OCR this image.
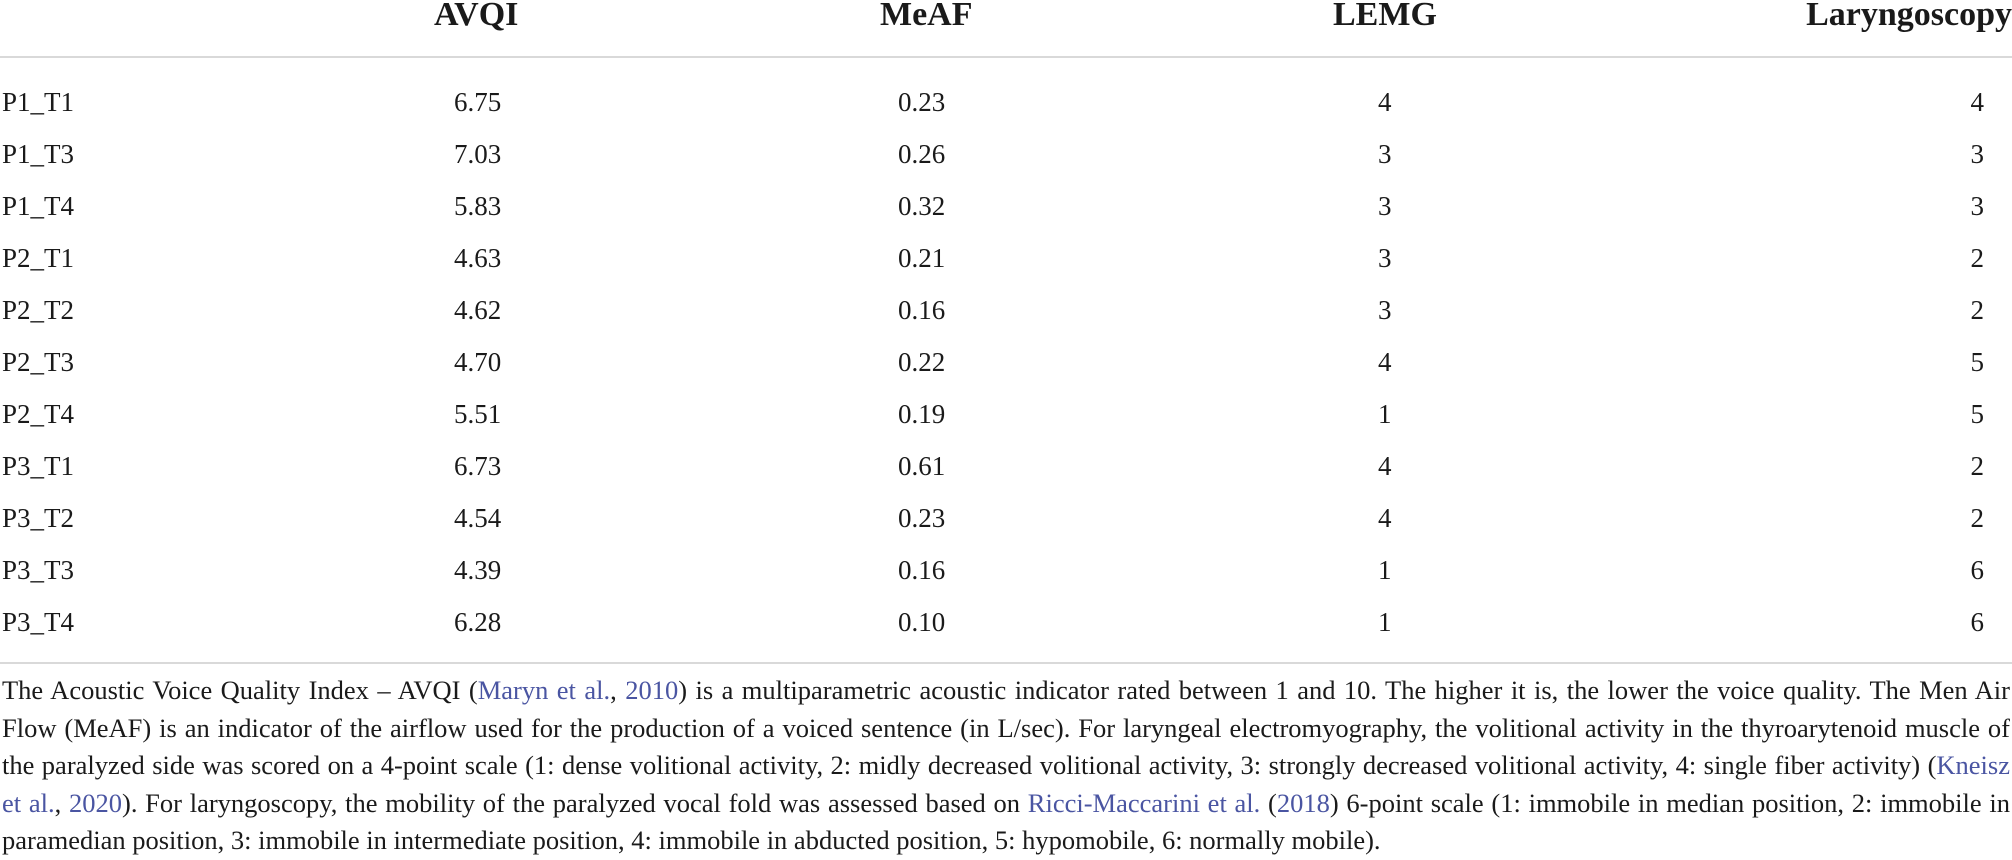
	AVQI	MeAF	LEMG	Laryngoscopy
P1_T1	6.75	0.23	4	4
P1_T3	7.03	0.26	3	3
P1_T4	5.83	0.32	3	3
P2_T1	4.63	0.21	3	2
P2_T2	4.62	0.16	3	2
P2_T3	4.70	0.22	4	5
P2_T4	5.51	0.19	1	5
P3_T1	6.73	0.61	4	2
P3_T2	4.54	0.23	4	2
P3_T3	4.39	0.16	1	6
P3_T4	6.28	0.10	1	6
The Acoustic Voice Quality Index – AVQI (Maryn et al., 2010) is a multiparametric acoustic indicator rated between 1 and 10. The higher it is, the lower the voice quality. The Men Air Flow (MeAF) is an indicator of the airflow used for the production of a voiced sentence (in L/sec). For laryngeal electromyography, the volitional activity in the thyroarytenoid muscle of the paralyzed side was scored on a 4-point scale (1: dense volitional activity, 2: midly decreased volitional activity, 3: strongly decreased volitional activity, 4: single fiber activity) (Kneisz et al., 2020). For laryngoscopy, the mobility of the paralyzed vocal fold was assessed based on Ricci-Maccarini et al. (2018) 6-point scale (1: immobile in median position, 2: immobile in paramedian position, 3: immobile in intermediate position, 4: immobile in abducted position, 5: hypomobile, 6: normally mobile).
